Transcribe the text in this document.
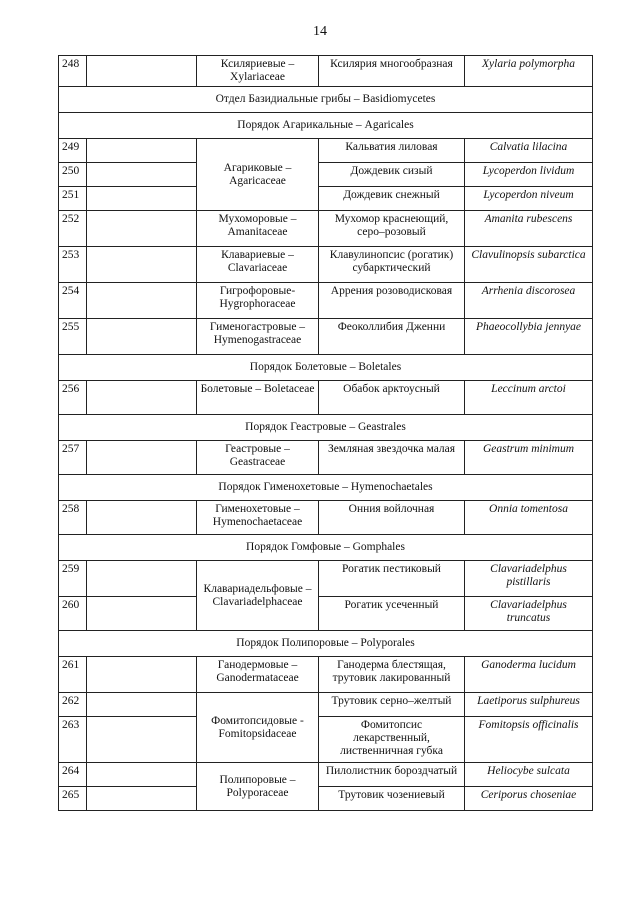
14
248		Ксиляриевые – Xylariaceae	Ксилярия многообразная	Xylaria polymorpha
Отдел Базидиальные грибы – Basidiomycetes				
Порядок Агарикальные – Agaricales				
249		Агариковые – Agaricaceae	Кальватия лиловая	Calvatia lilacina
250			Дождевик сизый	Lycoperdon lividum
251			Дождевик снежный	Lycoperdon niveum
252		Мухоморовые – Amanitaceae	Мухомор краснеющий, серо–розовый	Amanita rubescens
253		Клавариевые – Clavariaceae	Клавулинопсис (рогатик) субарктический	Clavulinopsis subarctica
254		Гигрофоровые- Hygrophoraceae	Аррения розоводисковая	Arrhenia discorosea
255		Гименогастровые – Hymenogastraceae	Феоколлибия Дженни	Phaeocollybia jennyae
Порядок Болетовые – Boletales				
256		Болетовые – Boletaceae	Обабок арктоусный	Leccinum arctoi
Порядок Геастровые – Geastrales				
257		Геастровые – Geastraceae	Земляная звездочка малая	Geastrum minimum
Порядок Гименохетовые – Hymenochaetales				
258		Гименохетовые – Hymenochaetaceae	Онния войлочная	Onnia tomentosa
Порядок Гомфовые – Gomphales				
259		Клавариадельфовые – Clavariadelphaceae	Рогатик пестиковый	Clavariadelphus pistillaris
260			Рогатик усеченный	Clavariadelphus truncatus
Порядок Полипоровые – Polyporales				
261		Ганодермовые – Ganodermataceae	Ганодерма блестящая, трутовик лакированный	Ganoderma lucidum
262		Фомитопсидовые - Fomitopsidaceae	Трутовик серно–желтый	Laetiporus sulphureus
263			Фомитопсис лекарственный, лиственничная губка	Fomitopsis officinalis
264		Полипоровые – Polyporaceae	Пилолистник бороздчатый	Heliocybe sulcata
265			Трутовик чозениевый	Ceriporus choseniae
